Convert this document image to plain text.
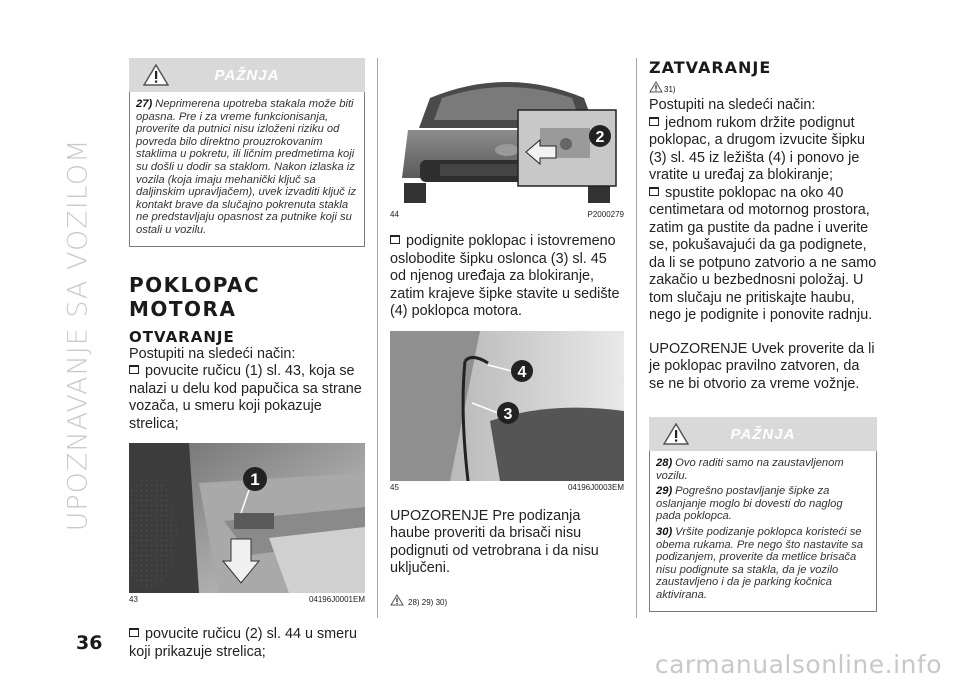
UPOZNAVANJE SA VOZILOM
36
carmanualsonline.info
PAŽNJA

27) Neprimerena upotreba stakala može biti opasna. Pre i za vreme funkcionisanja, proverite da putnici nisu izloženi riziku od povreda bilo direktno prouzrokovanim staklima u pokretu, ili ličnim predmetima koji su došli u dodir sa staklom. Nakon izlaska iz vozila (koja imaju mehanički ključ sa daljinskim upravljačem), uvek izvaditi ključ iz kontakt brave da slučajno pokrenuta stakla ne predstavljaju opasnost za putnike koji su ostali u vozilu.

POKLOPAC MOTORA
OTVARANJE
Postupiti na sledeći način:
povucite ručicu (1) sl. 43, koja se nalazi u delu kod papučica sa strane vozača, u smeru koji pokazuje strelica;
1
43	04196J0001EM
povucite ručicu (2) sl. 44 u smeru koji prikazuje strelica;
2
44	P2000279
podignite poklopac i istovremeno oslobodite šipku oslonca (3) sl. 45 od njenog uređaja za blokiranje, zatim krajeve šipke stavite u sedište (4) poklopca motora.
4
3
45	04196J0003EM
UPOZORENJE Pre podizanja haube proveriti da brisači nisu podignuti od vetrobrana i da nisu uključeni.
28) 29) 30)
ZATVARANJE
31)
Postupiti na sledeći način:
jednom rukom držite podignut poklopac, a drugom izvucite šipku (3) sl. 45 iz ležišta (4) i ponovo je vratite u uređaj za blokiranje;
spustite poklopac na oko 40 centimetara od motornog prostora, zatim ga pustite da padne i uverite se, pokušavajući da ga podignete, da li se potpuno zatvorio a ne samo zakačio u bezbednosni položaj. U tom slučaju ne pritiskajte haubu, nego je podignite i ponovite radnju.
UPOZORENJE Uvek proverite da li je poklopac pravilno zatvoren, da se ne bi otvorio za vreme vožnje.
PAŽNJA

28) Ovo raditi samo na zaustavljenom vozilu.

29) Pogrešno postavljanje šipke za oslanjanje moglo bi dovesti do naglog pada poklopca.

30) Vršite podizanje poklopca koristeći se obema rukama. Pre nego što nastavite sa podizanjem, proverite da metlice brisača nisu podignute sa stakla, da je vozilo zaustavljeno i da je parking kočnica aktivirana.
